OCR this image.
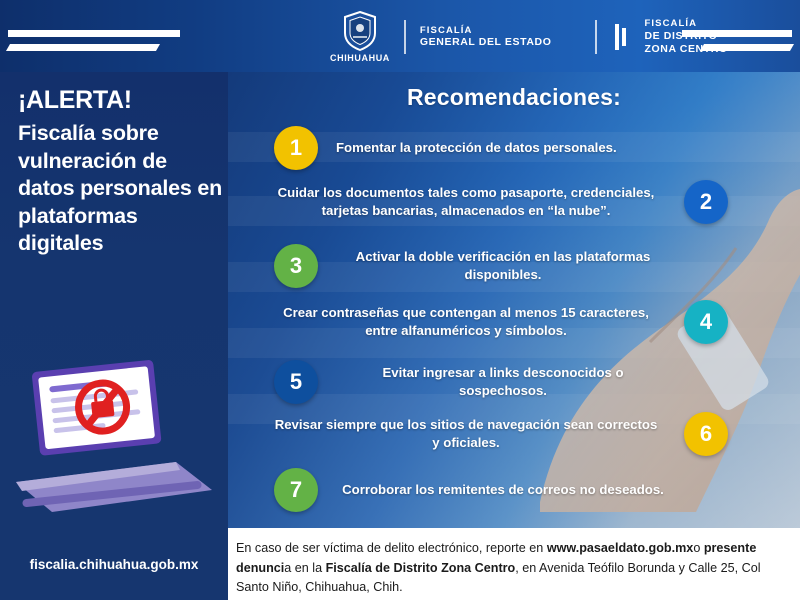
CHIHUAHUA
FISCALÍA
GENERAL DEL ESTADO
FISCALÍA
DE DISTRITO
ZONA CENTRO
¡ALERTA!
Fiscalía sobre vulneración de datos personales en plataformas digitales
Recomendaciones:
1	Fomentar la protección de datos personales.
Cuidar los documentos tales como pasaporte, credenciales, tarjetas bancarias, almacenados en “la nube”.	2
3	Activar la doble verificación en las plataformas disponibles.
Crear contraseñas que contengan al menos 15 caracteres, entre alfanuméricos y símbolos.	4
5	Evitar ingresar a links desconocidos o sospechosos.
Revisar siempre que los sitios de navegación sean correctos y oficiales.	6
7	Corroborar los remitentes de correos no deseados.
fiscalia.chihuahua.gob.mx
En caso de ser víctima de delito electrónico, reporte en www.pasaeldato.gob.mxo presente denuncia en la Fiscalía de Distrito Zona Centro, en Avenida Teófilo Borunda y Calle 25, Col Santo Niño, Chihuahua, Chih.
